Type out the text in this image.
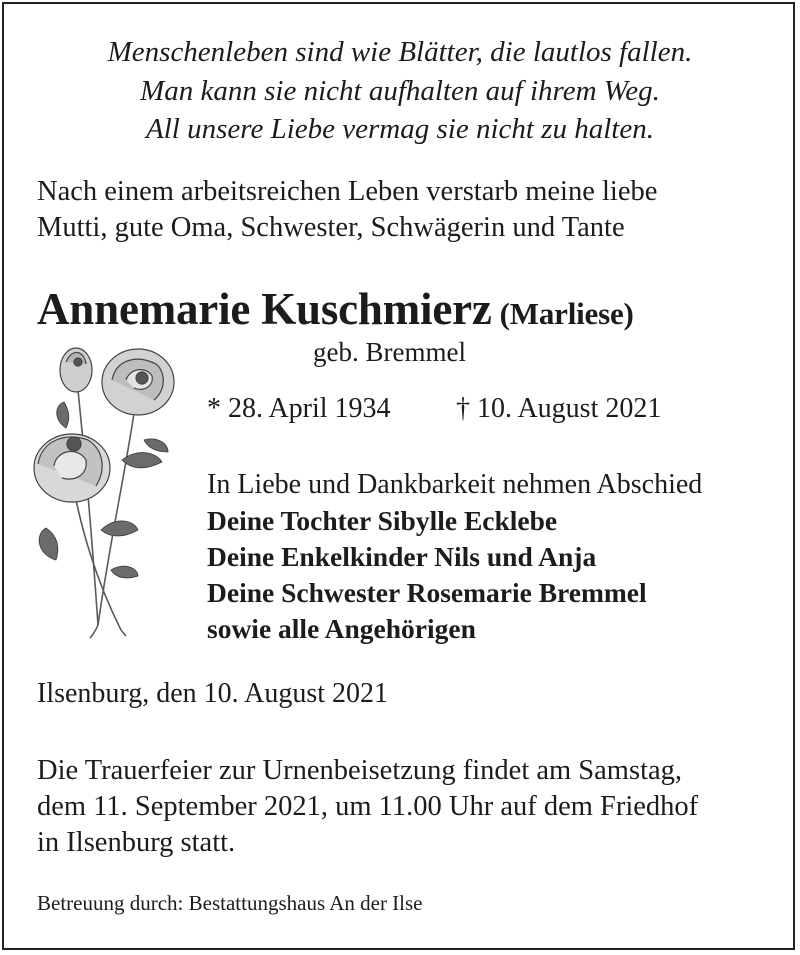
Menschenleben sind wie Blätter, die lautlos fallen.
Man kann sie nicht aufhalten auf ihrem Weg.
All unsere Liebe vermag sie nicht zu halten.
Nach einem arbeitsreichen Leben verstarb meine liebe
Mutti, gute Oma, Schwester, Schwägerin und Tante
Annemarie Kuschmierz (Marliese)
geb. Bremmel
* 28. April 1934 † 10. August 2021
In Liebe und Dankbarkeit nehmen Abschied
Deine Tochter Sibylle Ecklebe
Deine Enkelkinder Nils und Anja
Deine Schwester Rosemarie Bremmel
sowie alle Angehörigen
Ilsenburg, den 10. August 2021
Die Trauerfeier zur Urnenbeisetzung findet am Samstag,
dem 11. September 2021, um 11.00 Uhr auf dem Friedhof
in Ilsenburg statt.
Betreuung durch: Bestattungshaus An der Ilse
